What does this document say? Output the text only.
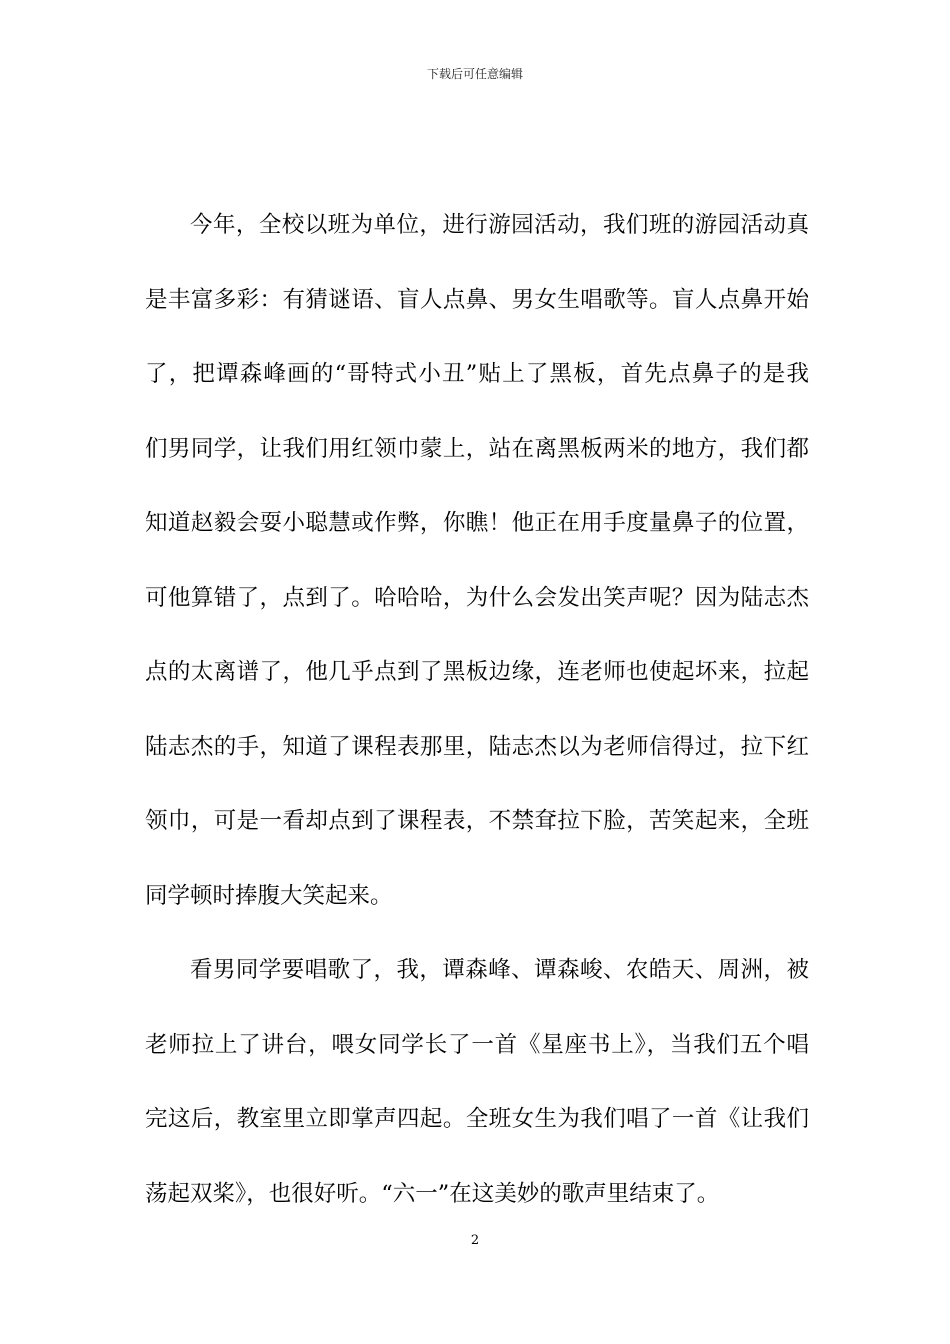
下载后可任意编辑
今年，全校以班为单位，进行游园活动，我们班的游园活动真
是丰富多彩：有猜谜语、盲人点鼻、男女生唱歌等。盲人点鼻开始
了，把谭森峰画的“哥特式小丑”贴上了黑板，首先点鼻子的是我
们男同学，让我们用红领巾蒙上，站在离黑板两米的地方，我们都
知道赵毅会耍小聪慧或作弊，你瞧！他正在用手度量鼻子的位置，
可他算错了，点到了。哈哈哈，为什么会发出笑声呢？因为陆志杰
点的太离谱了，他几乎点到了黑板边缘，连老师也使起坏来，拉起
陆志杰的手，知道了课程表那里，陆志杰以为老师信得过，拉下红
领巾，可是一看却点到了课程表，不禁耷拉下脸，苦笑起来，全班
同学顿时捧腹大笑起来。
看男同学要唱歌了，我，谭森峰、谭森峻、农皓天、周洲，被
老师拉上了讲台，喂女同学长了一首《星座书上》，当我们五个唱
完这后，教室里立即掌声四起。全班女生为我们唱了一首《让我们
荡起双桨》，也很好听。“六一”在这美妙的歌声里结束了。
2
